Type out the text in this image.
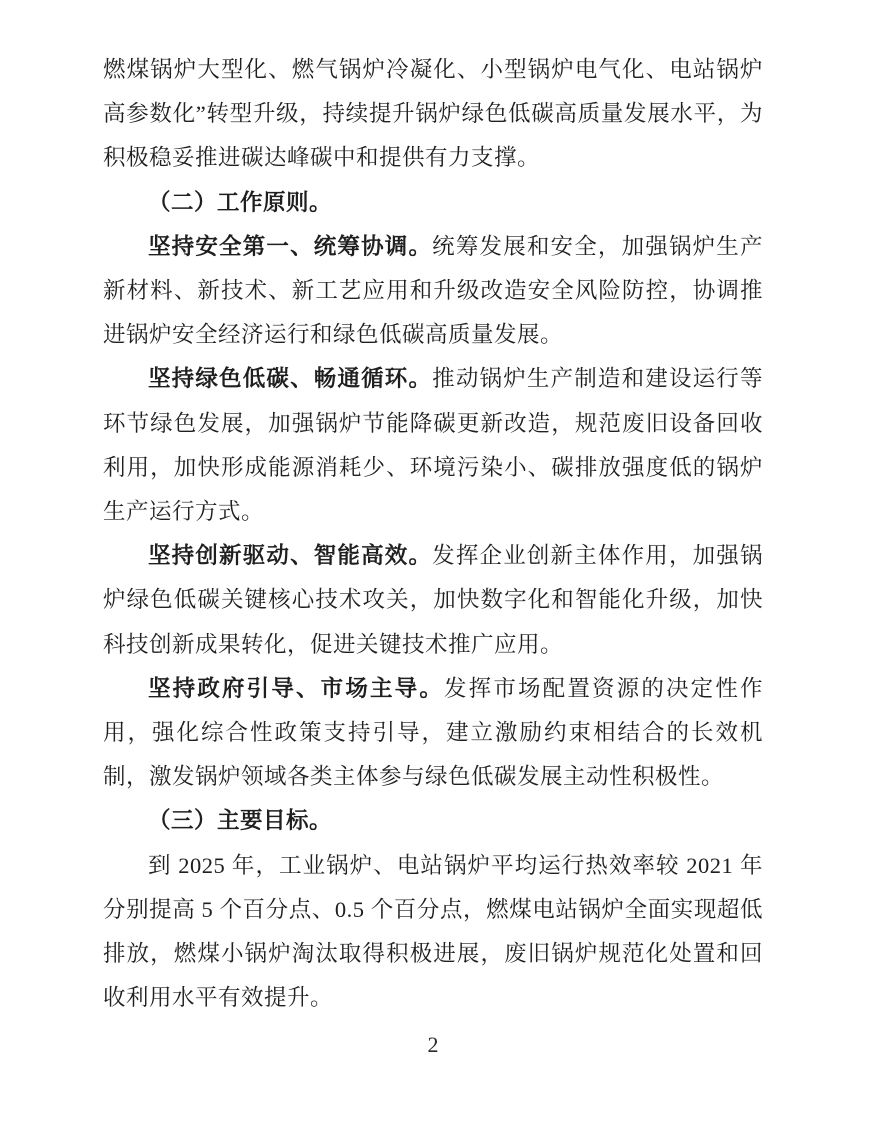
燃煤锅炉大型化、燃气锅炉冷凝化、小型锅炉电气化、电站锅炉高参数化”转型升级，持续提升锅炉绿色低碳高质量发展水平，为积极稳妥推进碳达峰碳中和提供有力支撑。

（二）工作原则。

坚持安全第一、统筹协调。统筹发展和安全，加强锅炉生产新材料、新技术、新工艺应用和升级改造安全风险防控，协调推进锅炉安全经济运行和绿色低碳高质量发展。

坚持绿色低碳、畅通循环。推动锅炉生产制造和建设运行等环节绿色发展，加强锅炉节能降碳更新改造，规范废旧设备回收利用，加快形成能源消耗少、环境污染小、碳排放强度低的锅炉生产运行方式。

坚持创新驱动、智能高效。发挥企业创新主体作用，加强锅炉绿色低碳关键核心技术攻关，加快数字化和智能化升级，加快科技创新成果转化，促进关键技术推广应用。

坚持政府引导、市场主导。发挥市场配置资源的决定性作用，强化综合性政策支持引导，建立激励约束相结合的长效机制，激发锅炉领域各类主体参与绿色低碳发展主动性积极性。

（三）主要目标。

到 2025 年，工业锅炉、电站锅炉平均运行热效率较 2021 年分别提高 5 个百分点、0.5 个百分点，燃煤电站锅炉全面实现超低排放，燃煤小锅炉淘汰取得积极进展，废旧锅炉规范化处置和回收利用水平有效提升。

2
